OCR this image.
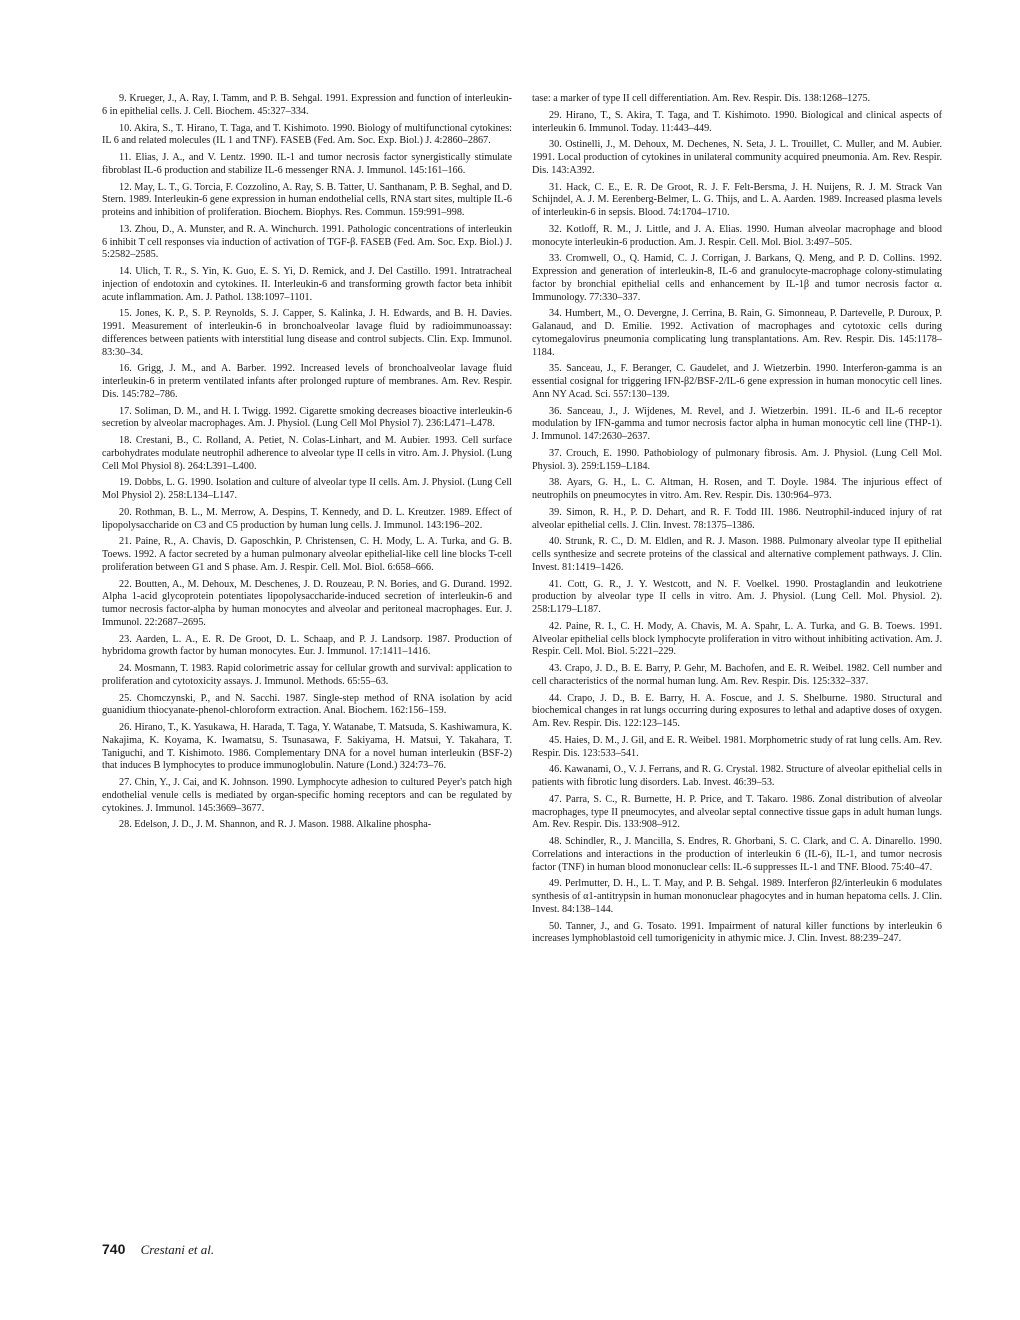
9. Krueger, J., A. Ray, I. Tamm, and P. B. Sehgal. 1991. Expression and function of interleukin-6 in epithelial cells. J. Cell. Biochem. 45:327–334.

10. Akira, S., T. Hirano, T. Taga, and T. Kishimoto. 1990. Biology of multifunctional cytokines: IL 6 and related molecules (IL 1 and TNF). FASEB (Fed. Am. Soc. Exp. Biol.) J. 4:2860–2867.

11. Elias, J. A., and V. Lentz. 1990. IL-1 and tumor necrosis factor synergistically stimulate fibroblast IL-6 production and stabilize IL-6 messenger RNA. J. Immunol. 145:161–166.

12. May, L. T., G. Torcia, F. Cozzolino, A. Ray, S. B. Tatter, U. Santhanam, P. B. Seghal, and D. Stern. 1989. Interleukin-6 gene expression in human endothelial cells, RNA start sites, multiple IL-6 proteins and inhibition of proliferation. Biochem. Biophys. Res. Commun. 159:991–998.

13. Zhou, D., A. Munster, and R. A. Winchurch. 1991. Pathologic concentrations of interleukin 6 inhibit T cell responses via induction of activation of TGF-β. FASEB (Fed. Am. Soc. Exp. Biol.) J. 5:2582–2585.

14. Ulich, T. R., S. Yin, K. Guo, E. S. Yi, D. Remick, and J. Del Castillo. 1991. Intratracheal injection of endotoxin and cytokines. II. Interleukin-6 and transforming growth factor beta inhibit acute inflammation. Am. J. Pathol. 138:1097–1101.

15. Jones, K. P., S. P. Reynolds, S. J. Capper, S. Kalinka, J. H. Edwards, and B. H. Davies. 1991. Measurement of interleukin-6 in bronchoalveolar lavage fluid by radioimmunoassay: differences between patients with interstitial lung disease and control subjects. Clin. Exp. Immunol. 83:30–34.

16. Grigg, J. M., and A. Barber. 1992. Increased levels of bronchoalveolar lavage fluid interleukin-6 in preterm ventilated infants after prolonged rupture of membranes. Am. Rev. Respir. Dis. 145:782–786.

17. Soliman, D. M., and H. I. Twigg. 1992. Cigarette smoking decreases bioactive interleukin-6 secretion by alveolar macrophages. Am. J. Physiol. (Lung Cell Mol Physiol 7). 236:L471–L478.

18. Crestani, B., C. Rolland, A. Petiet, N. Colas-Linhart, and M. Aubier. 1993. Cell surface carbohydrates modulate neutrophil adherence to alveolar type II cells in vitro. Am. J. Physiol. (Lung Cell Mol Physiol 8). 264:L391–L400.

19. Dobbs, L. G. 1990. Isolation and culture of alveolar type II cells. Am. J. Physiol. (Lung Cell Mol Physiol 2). 258:L134–L147.

20. Rothman, B. L., M. Merrow, A. Despins, T. Kennedy, and D. L. Kreutzer. 1989. Effect of lipopolysaccharide on C3 and C5 production by human lung cells. J. Immunol. 143:196–202.

21. Paine, R., A. Chavis, D. Gaposchkin, P. Christensen, C. H. Mody, L. A. Turka, and G. B. Toews. 1992. A factor secreted by a human pulmonary alveolar epithelial-like cell line blocks T-cell proliferation between G1 and S phase. Am. J. Respir. Cell. Mol. Biol. 6:658–666.

22. Boutten, A., M. Dehoux, M. Deschenes, J. D. Rouzeau, P. N. Bories, and G. Durand. 1992. Alpha 1-acid glycoprotein potentiates lipopolysaccharide-induced secretion of interleukin-6 and tumor necrosis factor-alpha by human monocytes and alveolar and peritoneal macrophages. Eur. J. Immunol. 22:2687–2695.

23. Aarden, L. A., E. R. De Groot, D. L. Schaap, and P. J. Landsorp. 1987. Production of hybridoma growth factor by human monocytes. Eur. J. Immunol. 17:1411–1416.

24. Mosmann, T. 1983. Rapid colorimetric assay for cellular growth and survival: application to proliferation and cytotoxicity assays. J. Immunol. Methods. 65:55–63.

25. Chomczynski, P., and N. Sacchi. 1987. Single-step method of RNA isolation by acid guanidium thiocyanate-phenol-chloroform extraction. Anal. Biochem. 162:156–159.

26. Hirano, T., K. Yasukawa, H. Harada, T. Taga, Y. Watanabe, T. Matsuda, S. Kashiwamura, K. Nakajima, K. Koyama, K. Iwamatsu, S. Tsunasawa, F. Sakiyama, H. Matsui, Y. Takahara, T. Taniguchi, and T. Kishimoto. 1986. Complementary DNA for a novel human interleukin (BSF-2) that induces B lymphocytes to produce immunoglobulin. Nature (Lond.) 324:73–76.

27. Chin, Y., J. Cai, and K. Johnson. 1990. Lymphocyte adhesion to cultured Peyer's patch high endothelial venule cells is mediated by organ-specific homing receptors and can be regulated by cytokines. J. Immunol. 145:3669–3677.

28. Edelson, J. D., J. M. Shannon, and R. J. Mason. 1988. Alkaline phospha-

tase: a marker of type II cell differentiation. Am. Rev. Respir. Dis. 138:1268–1275.

29. Hirano, T., S. Akira, T. Taga, and T. Kishimoto. 1990. Biological and clinical aspects of interleukin 6. Immunol. Today. 11:443–449.

30. Ostinelli, J., M. Dehoux, M. Dechenes, N. Seta, J. L. Trouillet, C. Muller, and M. Aubier. 1991. Local production of cytokines in unilateral community acquired pneumonia. Am. Rev. Respir. Dis. 143:A392.

31. Hack, C. E., E. R. De Groot, R. J. F. Felt-Bersma, J. H. Nuijens, R. J. M. Strack Van Schijndel, A. J. M. Eerenberg-Belmer, L. G. Thijs, and L. A. Aarden. 1989. Increased plasma levels of interleukin-6 in sepsis. Blood. 74:1704–1710.

32. Kotloff, R. M., J. Little, and J. A. Elias. 1990. Human alveolar macrophage and blood monocyte interleukin-6 production. Am. J. Respir. Cell. Mol. Biol. 3:497–505.

33. Cromwell, O., Q. Hamid, C. J. Corrigan, J. Barkans, Q. Meng, and P. D. Collins. 1992. Expression and generation of interleukin-8, IL-6 and granulocyte-macrophage colony-stimulating factor by bronchial epithelial cells and enhancement by IL-1β and tumor necrosis factor α. Immunology. 77:330–337.

34. Humbert, M., O. Devergne, J. Cerrina, B. Rain, G. Simonneau, P. Dartevelle, P. Duroux, P. Galanaud, and D. Emilie. 1992. Activation of macrophages and cytotoxic cells during cytomegalovirus pneumonia complicating lung transplantations. Am. Rev. Respir. Dis. 145:1178–1184.

35. Sanceau, J., F. Beranger, C. Gaudelet, and J. Wietzerbin. 1990. Interferon-gamma is an essential cosignal for triggering IFN-β2/BSF-2/IL-6 gene expression in human monocytic cell lines. Ann NY Acad. Sci. 557:130–139.

36. Sanceau, J., J. Wijdenes, M. Revel, and J. Wietzerbin. 1991. IL-6 and IL-6 receptor modulation by IFN-gamma and tumor necrosis factor alpha in human monocytic cell line (THP-1). J. Immunol. 147:2630–2637.

37. Crouch, E. 1990. Pathobiology of pulmonary fibrosis. Am. J. Physiol. (Lung Cell Mol. Physiol. 3). 259:L159–L184.

38. Ayars, G. H., L. C. Altman, H. Rosen, and T. Doyle. 1984. The injurious effect of neutrophils on pneumocytes in vitro. Am. Rev. Respir. Dis. 130:964–973.

39. Simon, R. H., P. D. Dehart, and R. F. Todd III. 1986. Neutrophil-induced injury of rat alveolar epithelial cells. J. Clin. Invest. 78:1375–1386.

40. Strunk, R. C., D. M. Eldlen, and R. J. Mason. 1988. Pulmonary alveolar type II epithelial cells synthesize and secrete proteins of the classical and alternative complement pathways. J. Clin. Invest. 81:1419–1426.

41. Cott, G. R., J. Y. Westcott, and N. F. Voelkel. 1990. Prostaglandin and leukotriene production by alveolar type II cells in vitro. Am. J. Physiol. (Lung Cell. Mol. Physiol. 2). 258:L179–L187.

42. Paine, R. I., C. H. Mody, A. Chavis, M. A. Spahr, L. A. Turka, and G. B. Toews. 1991. Alveolar epithelial cells block lymphocyte proliferation in vitro without inhibiting activation. Am. J. Respir. Cell. Mol. Biol. 5:221–229.

43. Crapo, J. D., B. E. Barry, P. Gehr, M. Bachofen, and E. R. Weibel. 1982. Cell number and cell characteristics of the normal human lung. Am. Rev. Respir. Dis. 125:332–337.

44. Crapo, J. D., B. E. Barry, H. A. Foscue, and J. S. Shelburne. 1980. Structural and biochemical changes in rat lungs occurring during exposures to lethal and adaptive doses of oxygen. Am. Rev. Respir. Dis. 122:123–145.

45. Haies, D. M., J. Gil, and E. R. Weibel. 1981. Morphometric study of rat lung cells. Am. Rev. Respir. Dis. 123:533–541.

46. Kawanami, O., V. J. Ferrans, and R. G. Crystal. 1982. Structure of alveolar epithelial cells in patients with fibrotic lung disorders. Lab. Invest. 46:39–53.

47. Parra, S. C., R. Burnette, H. P. Price, and T. Takaro. 1986. Zonal distribution of alveolar macrophages, type II pneumocytes, and alveolar septal connective tissue gaps in adult human lungs. Am. Rev. Respir. Dis. 133:908–912.

48. Schindler, R., J. Mancilla, S. Endres, R. Ghorbani, S. C. Clark, and C. A. Dinarello. 1990. Correlations and interactions in the production of interleukin 6 (IL-6), IL-1, and tumor necrosis factor (TNF) in human blood mononuclear cells: IL-6 suppresses IL-1 and TNF. Blood. 75:40–47.

49. Perlmutter, D. H., L. T. May, and P. B. Sehgal. 1989. Interferon β2/interleukin 6 modulates synthesis of α1-antitrypsin in human mononuclear phagocytes and in human hepatoma cells. J. Clin. Invest. 84:138–144.

50. Tanner, J., and G. Tosato. 1991. Impairment of natural killer functions by interleukin 6 increases lymphoblastoid cell tumorigenicity in athymic mice. J. Clin. Invest. 88:239–247.

740 Crestani et al.
